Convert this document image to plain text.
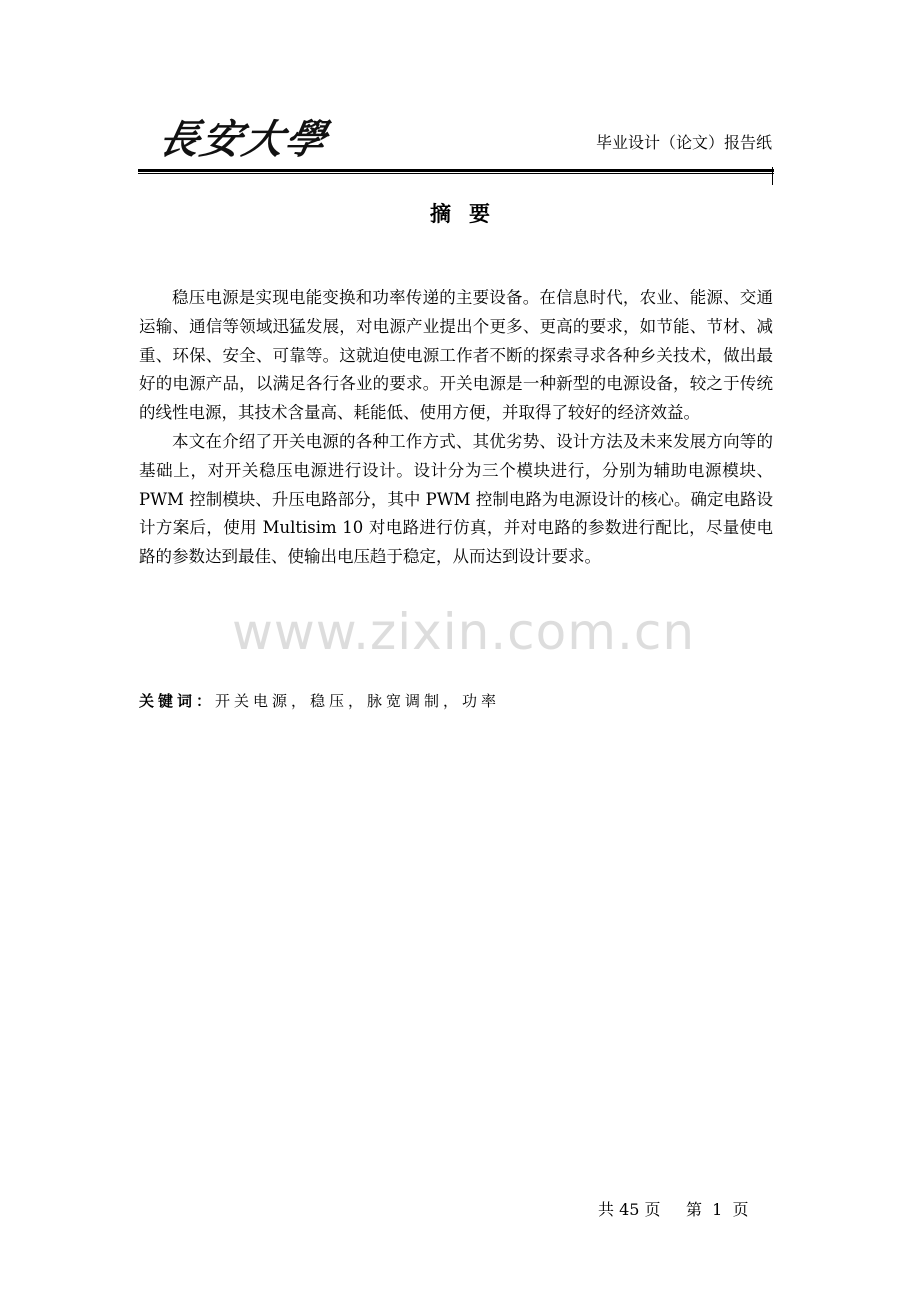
長安大學	毕业设计（论文）报告纸
摘要

稳压电源是实现电能变换和功率传递的主要设备。在信息时代，农业、能源、交通运输、通信等领域迅猛发展，对电源产业提出个更多、更高的要求，如节能、节材、减重、环保、安全、可靠等。这就迫使电源工作者不断的探索寻求各种乡关技术，做出最好的电源产品，以满足各行各业的要求。开关电源是一种新型的电源设备，较之于传统的线性电源，其技术含量高、耗能低、使用方便，并取得了较好的经济效益。

本文在介绍了开关电源的各种工作方式、其优劣势、设计方法及未来发展方向等的基础上，对开关稳压电源进行设计。设计分为三个模块进行，分别为辅助电源模块、PWM 控制模块、升压电路部分，其中 PWM 控制电路为电源设计的核心。确定电路设计方案后，使用 Multisim 10 对电路进行仿真，并对电路的参数进行配比，尽量使电路的参数达到最佳、使输出电压趋于稳定，从而达到设计要求。

www.zixin.com.cn
关键词：开关电源，稳压，脉宽调制，功率
共 45 页 第  1  页
